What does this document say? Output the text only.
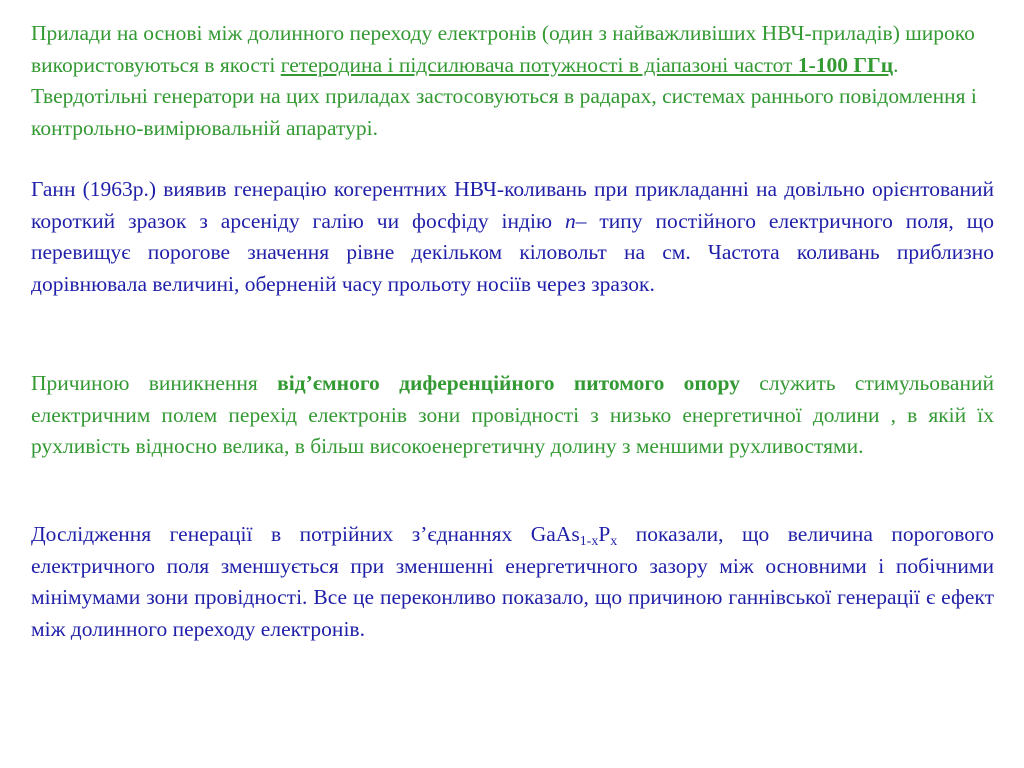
Прилади на основі між долинного переходу електронів (один з найважливіших НВЧ-приладів) широко використовуються в якості гетеродина і підсилювача потужності в діапазоні частот 1-100 ГГц. Твердотільні генератори на цих приладах застосовуються в радарах, системах раннього повідомлення і контрольно-вимірювальній апаратурі.

Ганн (1963р.) виявив генерацію когерентних НВЧ-коливань при прикладанні на довільно орієнтований короткий зразок з арсеніду галію чи фосфіду індію n– типу постійного електричного поля, що перевищує порогове значення рівне декільком кіловольт на см. Частота коливань приблизно дорівнювала величині, оберненій часу прольоту носіїв через зразок.

Причиною виникнення від’ємного диференційного питомого опору служить стимульований електричним полем перехід електронів зони провідності з низько енергетичної долини , в якій їх рухливість відносно велика, в більш високоенергетичну долину з меншими рухливостями.

Дослідження генерації в потрійних з’єднаннях $GaAs_{1-x}P_x$ показали, що величина порогового електричного поля зменшується при зменшенні енергетичного зазору між основними і побічними мінімумами зони провідності. Все це переконливо показало, що причиною ганнівської генерації є ефект між долинного переходу електронів.
